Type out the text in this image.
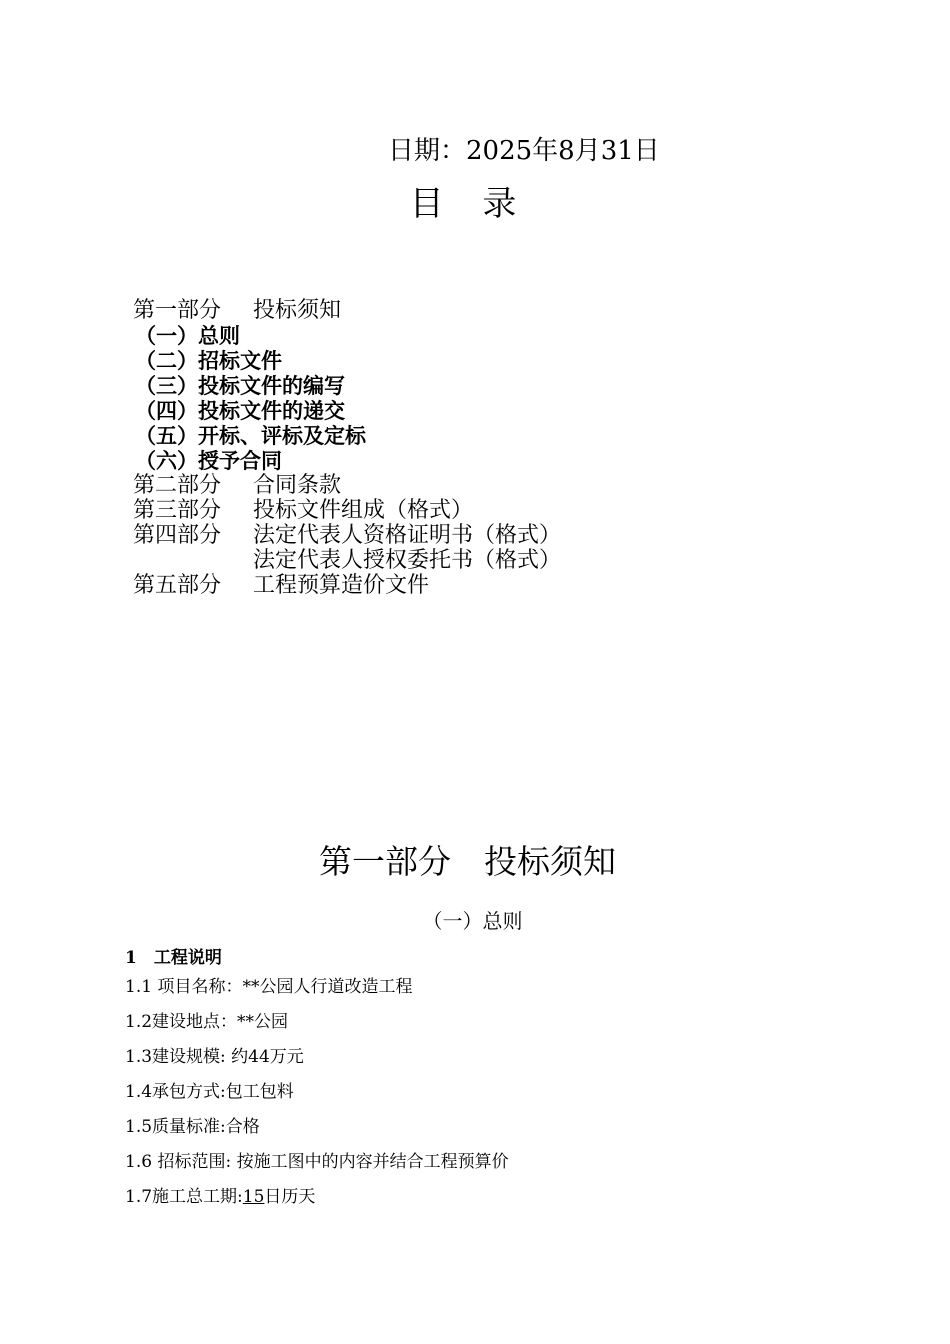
日期：2025年8月31日
目 录
第一部分	投标须知
（一）总则
（二）招标文件
（三）投标文件的编写
（四）投标文件的递交
（五）开标、评标及定标
（六）授予合同
第二部分	合同条款
第三部分	投标文件组成（格式）
第四部分	法定代表人资格证明书（格式）
法定代表人授权委托书（格式）
第五部分	工程预算造价文件
第一部分　投标须知
（一）总则
1　工程说明
1.1 项目名称：**公园人行道改造工程
1.2建设地点：**公园
1.3建设规模: 约44万元
1.4承包方式:包工包料
1.5质量标准:合格
1.6 招标范围: 按施工图中的内容并结合工程预算价
1.7施工总工期:15日历天
